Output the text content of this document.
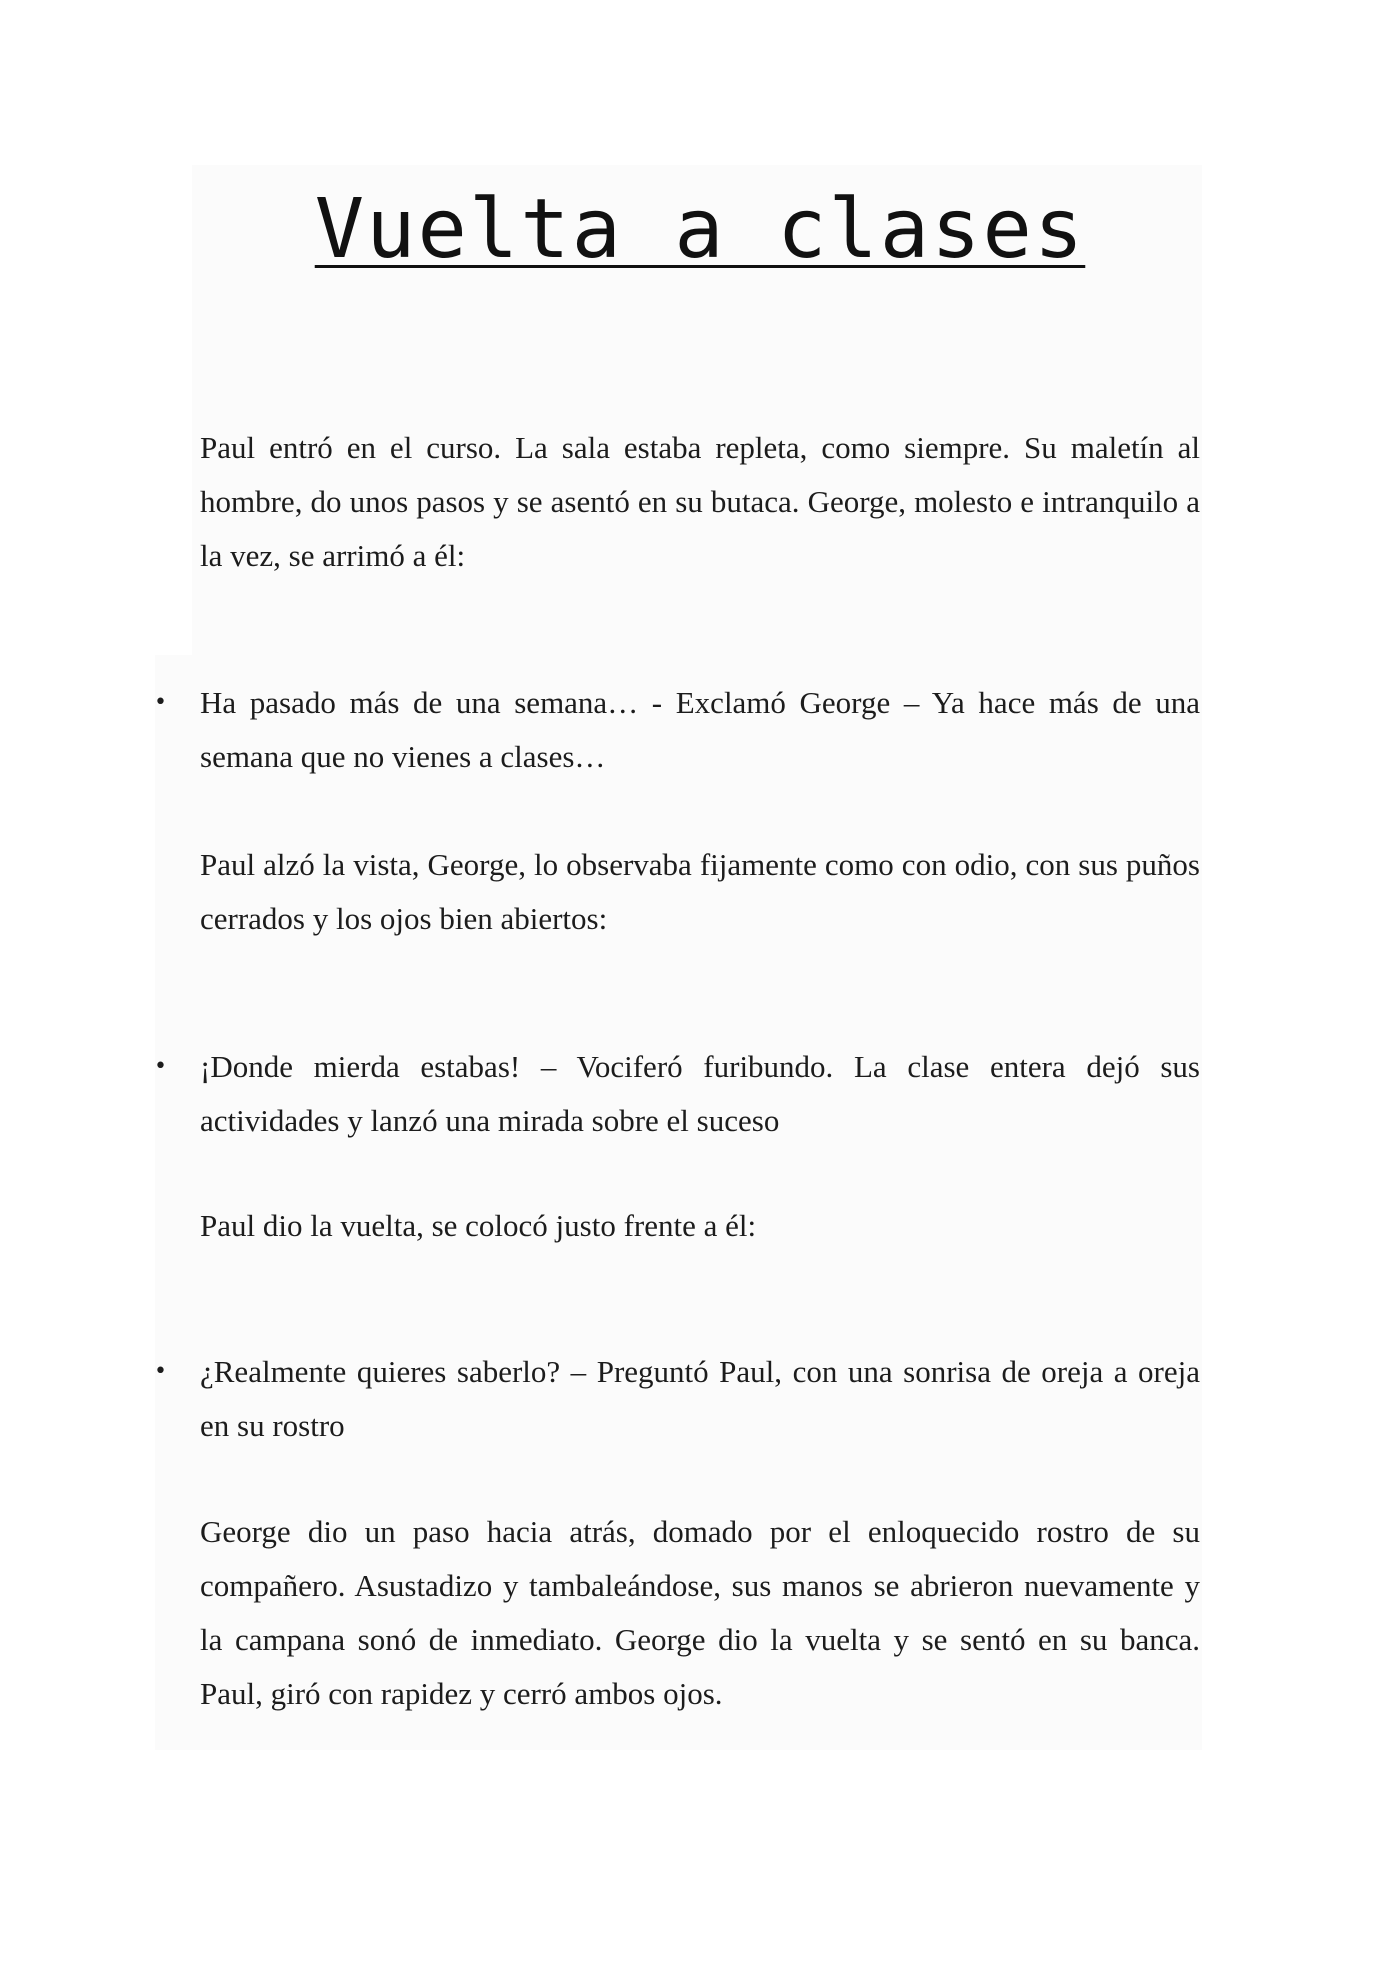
Vuelta a clases

Paul entró en el curso. La sala estaba repleta, como siempre. Su maletín al hombre, do unos pasos y se asentó en su butaca. George, molesto e intranquilo a la vez, se arrimó a él:

• Ha pasado más de una semana… - Exclamó George – Ya hace más de una semana que no vienes a clases…

Paul alzó la vista, George, lo observaba fijamente como con odio, con sus puños cerrados y los ojos bien abiertos:

• ¡Donde mierda estabas! – Vociferó furibundo. La clase entera dejó sus actividades y lanzó una mirada sobre el suceso

Paul dio la vuelta, se colocó justo frente a él:

• ¿Realmente quieres saberlo? – Preguntó Paul, con una sonrisa de oreja a oreja en su rostro

George dio un paso hacia atrás, domado por el enloquecido rostro de su compañero. Asustadizo y tambaleándose, sus manos se abrieron nuevamente y la campana sonó de inmediato. George dio la vuelta y se sentó en su banca. Paul, giró con rapidez y cerró ambos ojos.
